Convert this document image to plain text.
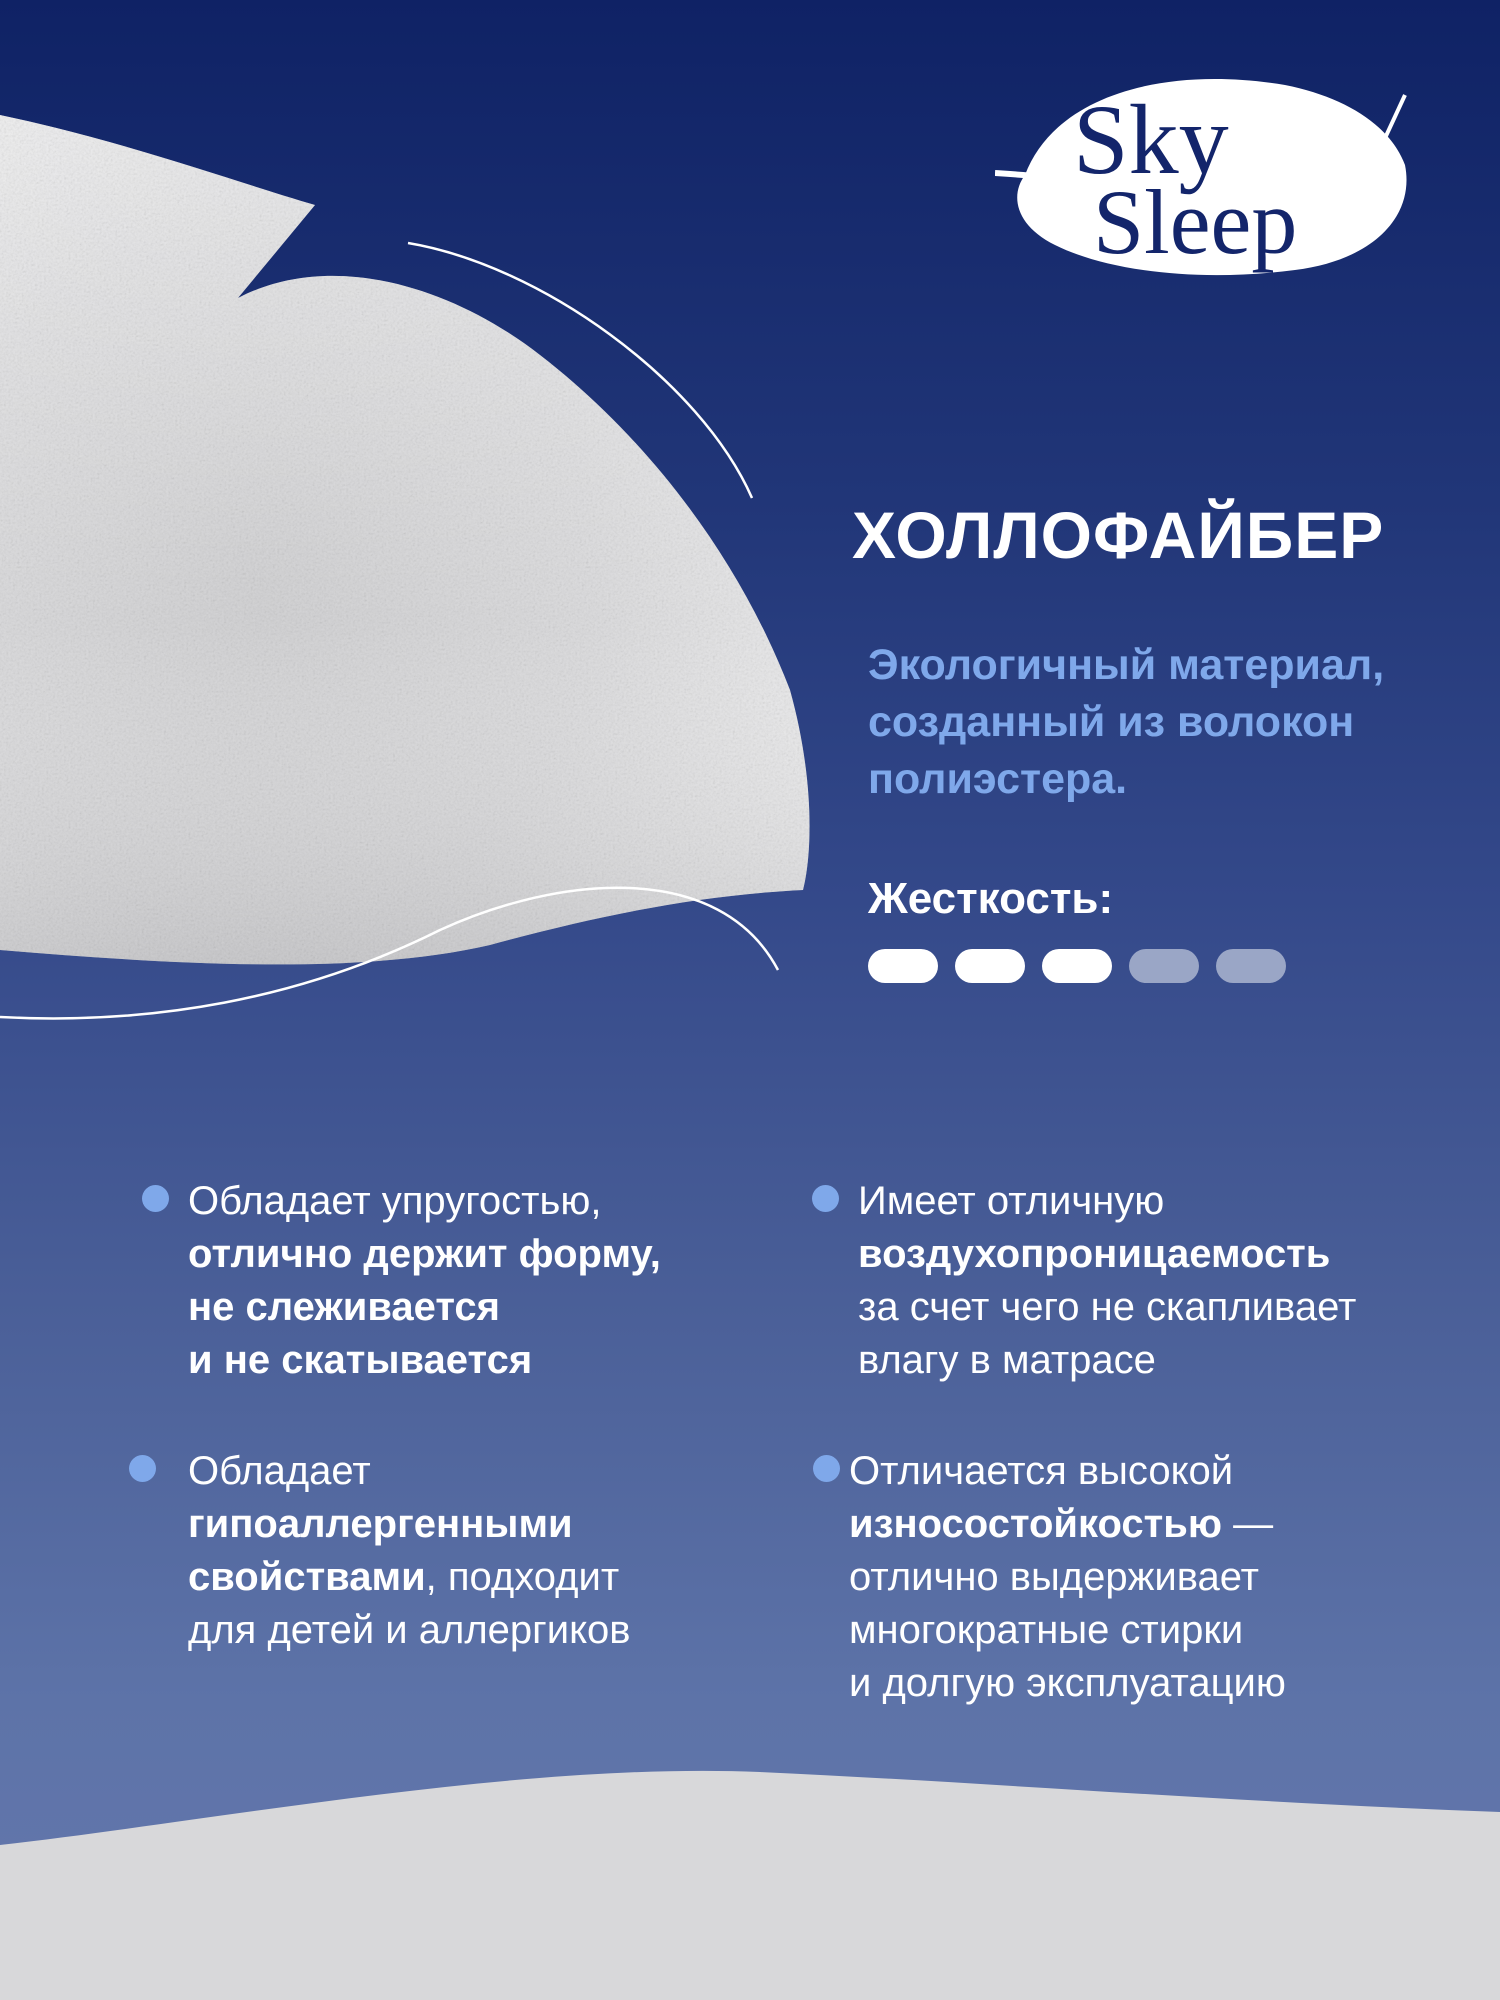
Sky
Sleep
ХОЛЛОФАЙБЕР

Экологичный материал, созданный из волокон полиэстера.

Жесткость:

Обладает упругостью,
отлично держит форму,
не слеживается
и не скатывается

Имеет отличную
воздухопроницаемость
за счет чего не скапливает
влагу в матрасе

Обладает
гипоаллергенными
свойствами, подходит
для детей и аллергиков

Отличается высокой
износостойкостью —
отлично выдерживает
многократные стирки
и долгую эксплуатацию
